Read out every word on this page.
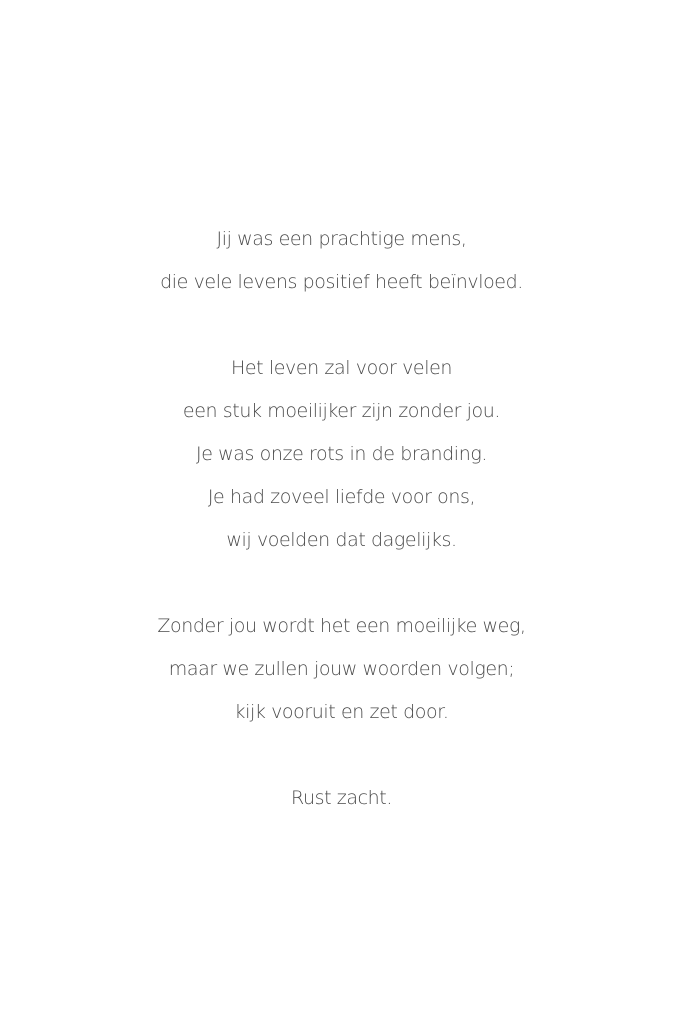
Jij was een prachtige mens,
die vele levens positief heeft beïnvloed.
Het leven zal voor velen
een stuk moeilijker zijn zonder jou.
Je was onze rots in de branding.
Je had zoveel liefde voor ons,
wij voelden dat dagelijks.
Zonder jou wordt het een moeilijke weg,
maar we zullen jouw woorden volgen;
kijk vooruit en zet door.
Rust zacht.
